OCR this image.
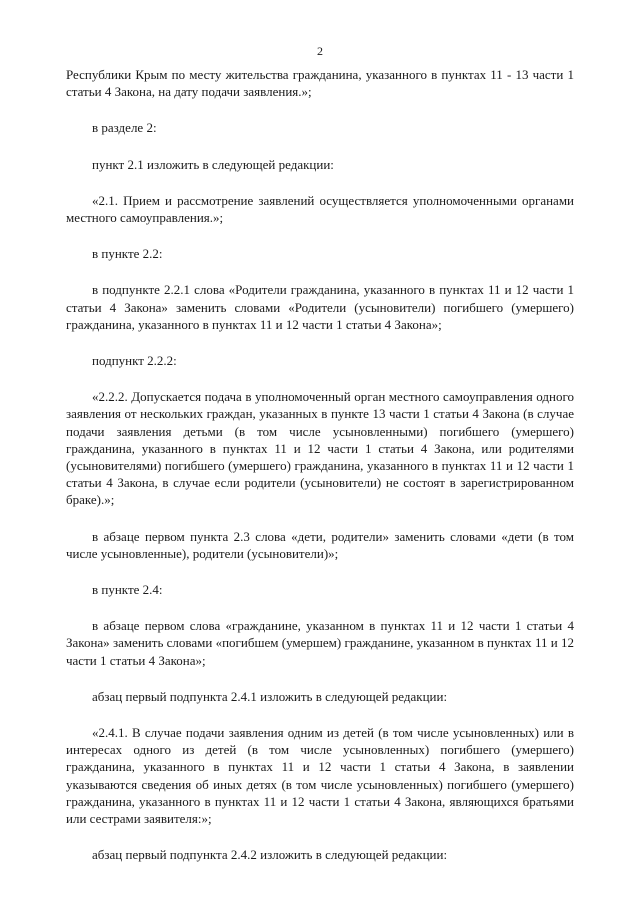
2

Республики Крым по месту жительства гражданина, указанного в пунктах 11 - 13 части 1 статьи 4 Закона, на дату подачи заявления.»;

в разделе 2:

пункт 2.1 изложить в следующей редакции:

«2.1. Прием и рассмотрение заявлений осуществляется уполномоченными органами местного самоуправления.»;

в пункте 2.2:

в подпункте 2.2.1 слова «Родители гражданина, указанного в пунктах 11 и 12 части 1 статьи 4 Закона» заменить словами «Родители (усыновители) погибшего (умершего) гражданина, указанного в пунктах 11 и 12 части 1 статьи 4 Закона»;

подпункт 2.2.2:

«2.2.2. Допускается подача в уполномоченный орган местного самоуправления одного заявления от нескольких граждан, указанных в пункте 13 части 1 статьи 4 Закона (в случае подачи заявления детьми (в том числе усыновленными) погибшего (умершего) гражданина, указанного в пунктах 11 и 12 части 1 статьи 4 Закона, или родителями (усыновителями) погибшего (умершего) гражданина, указанного в пунктах 11 и 12 части 1 статьи 4 Закона, в случае если родители (усыновители) не состоят в зарегистрированном браке).»;

в абзаце первом пункта 2.3 слова «дети, родители» заменить словами «дети (в том числе усыновленные), родители (усыновители)»;

в пункте 2.4:

в абзаце первом слова «гражданине, указанном в пунктах 11 и 12 части 1 статьи 4 Закона» заменить словами «погибшем (умершем) гражданине, указанном в пунктах 11 и 12 части 1 статьи 4 Закона»;

абзац первый подпункта 2.4.1 изложить в следующей редакции:

«2.4.1. В случае подачи заявления одним из детей (в том числе усыновленных) или в интересах одного из детей (в том числе усыновленных) погибшего (умершего) гражданина, указанного в пунктах 11 и 12 части 1 статьи 4 Закона, в заявлении указываются сведения об иных детях (в том числе усыновленных) погибшего (умершего) гражданина, указанного в пунктах 11 и 12 части 1 статьи 4 Закона, являющихся братьями или сестрами заявителя:»;

абзац первый подпункта 2.4.2 изложить в следующей редакции:
